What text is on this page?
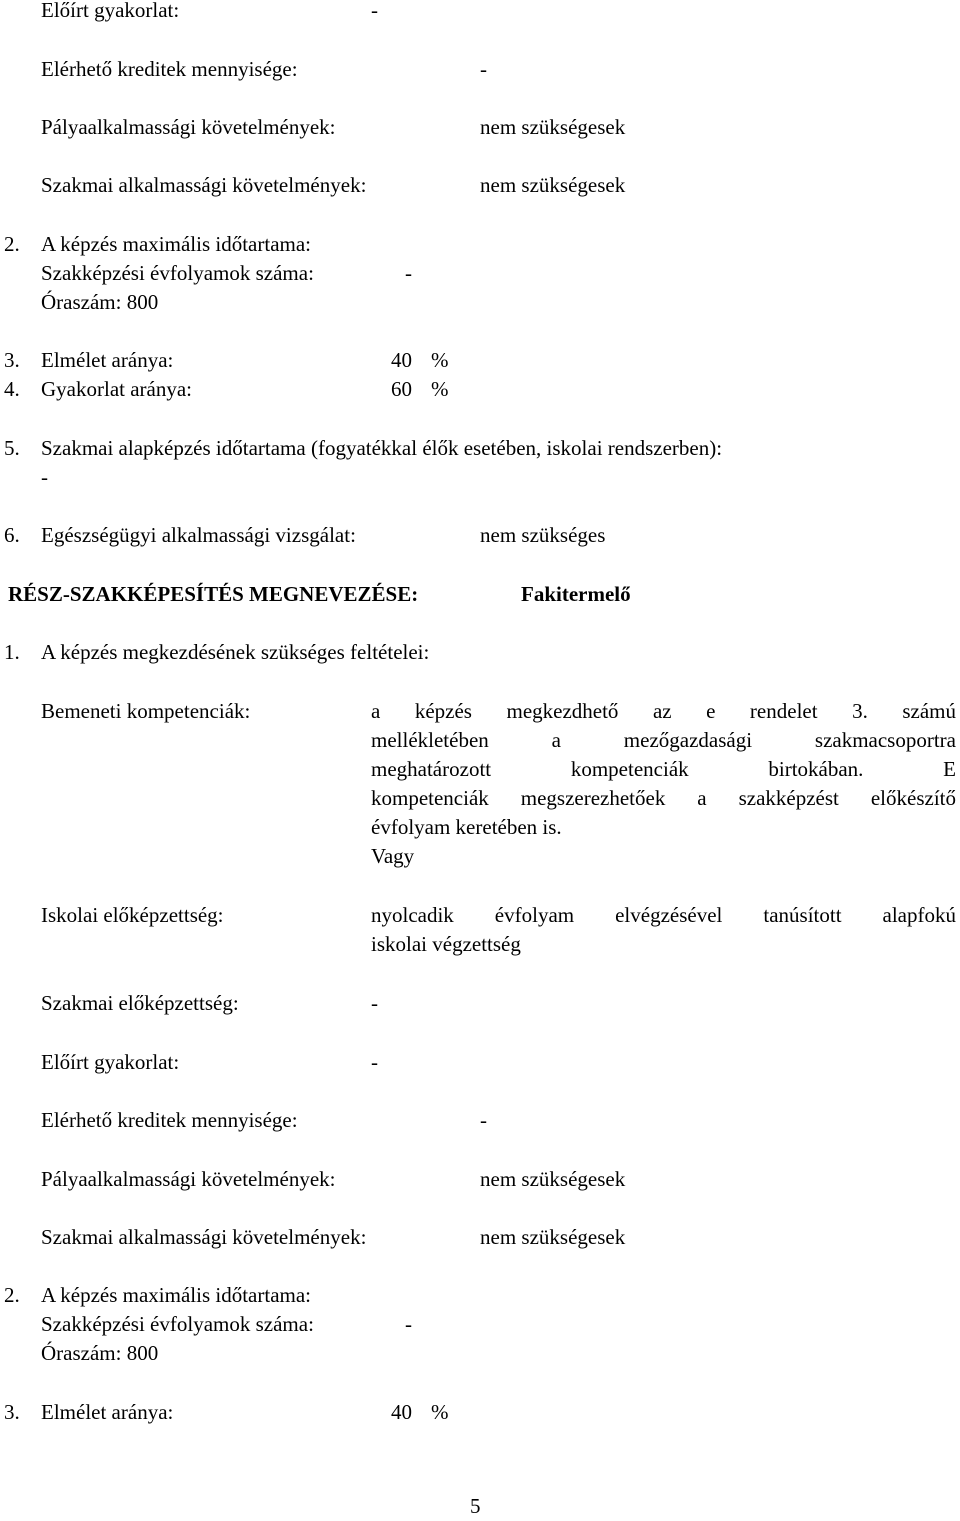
Előírt gyakorlat:	-
Elérhető kreditek mennyisége:	-
Pályaalkalmassági követelmények:	nem szükségesek
Szakmai alkalmassági követelmények:	nem szükségesek
2. A képzés maximális időtartama:
Szakképzési évfolyamok száma:	-
Óraszám: 800
3. Elmélet aránya:	40 %
4. Gyakorlat aránya:	60 %
5. Szakmai alapképzés időtartama (fogyatékkal élők esetében, iskolai rendszerben):
-
6. Egészségügyi alkalmassági vizsgálat:	nem szükséges
RÉSZ-SZAKKÉPESÍTÉS MEGNEVEZÉSE:	Fakitermelő
1. A képzés megkezdésének szükséges feltételei:
Bemeneti kompetenciák:	a képzés megkezdhető az e rendelet 3. számú
mellékletében a mezőgazdasági szakmacsoportra
meghatározott kompetenciák birtokában. E
kompetenciák megszerezhetőek a szakképzést előkészítő
évfolyam keretében is.
Vagy
Iskolai előképzettség:	nyolcadik évfolyam elvégzésével tanúsított alapfokú
iskolai végzettség
Szakmai előképzettség:	-
Előírt gyakorlat:	-
Elérhető kreditek mennyisége:	-
Pályaalkalmassági követelmények:	nem szükségesek
Szakmai alkalmassági követelmények:	nem szükségesek
2. A képzés maximális időtartama:
Szakképzési évfolyamok száma:	-
Óraszám: 800
3. Elmélet aránya:	40 %
5
